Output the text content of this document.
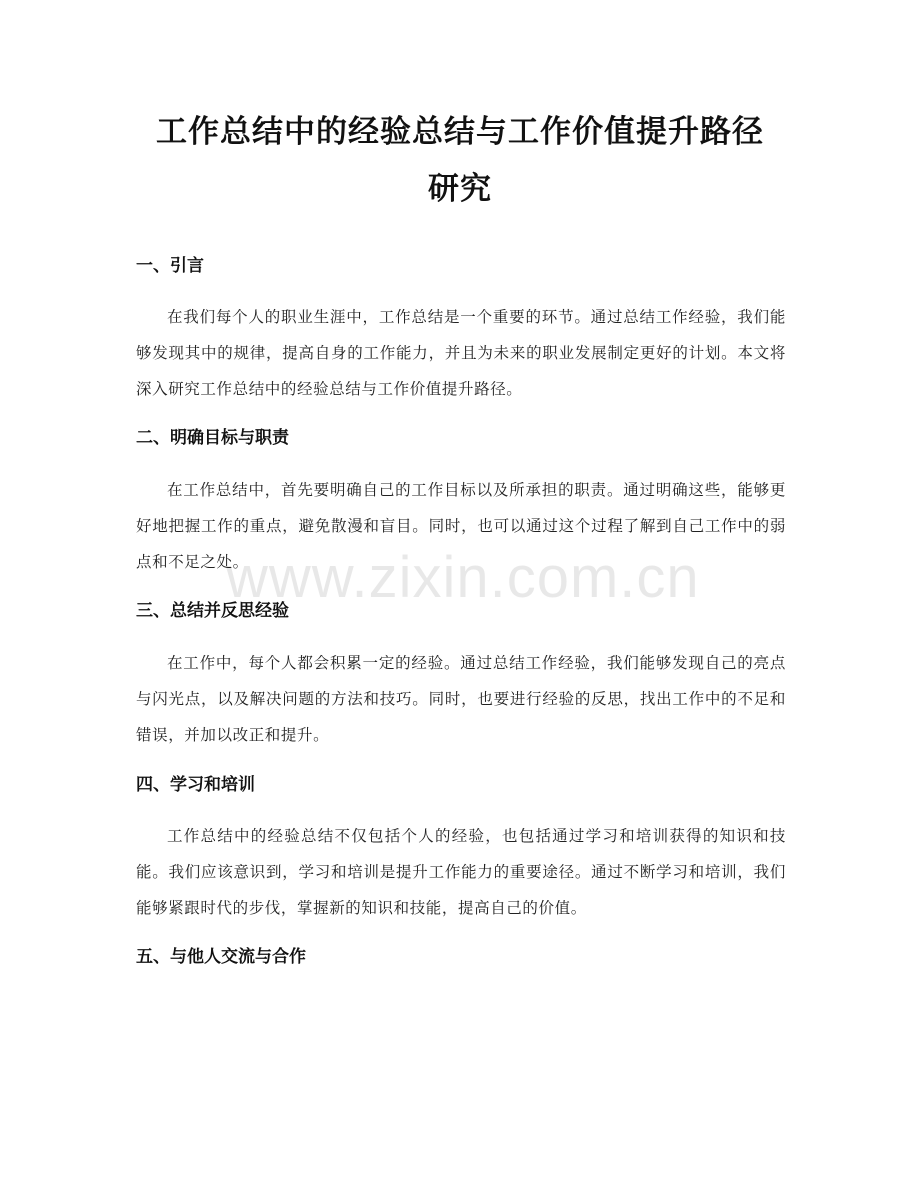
工作总结中的经验总结与工作价值提升路径
研究
一、引言
在我们每个人的职业生涯中，工作总结是一个重要的环节。通过总结工作经验，我们能够发现其中的规律，提高自身的工作能力，并且为未来的职业发展制定更好的计划。本文将深入研究工作总结中的经验总结与工作价值提升路径。
二、明确目标与职责
在工作总结中，首先要明确自己的工作目标以及所承担的职责。通过明确这些，能够更好地把握工作的重点，避免散漫和盲目。同时，也可以通过这个过程了解到自己工作中的弱点和不足之处。
三、总结并反思经验
在工作中，每个人都会积累一定的经验。通过总结工作经验，我们能够发现自己的亮点与闪光点，以及解决问题的方法和技巧。同时，也要进行经验的反思，找出工作中的不足和错误，并加以改正和提升。
四、学习和培训
工作总结中的经验总结不仅包括个人的经验，也包括通过学习和培训获得的知识和技能。我们应该意识到，学习和培训是提升工作能力的重要途径。通过不断学习和培训，我们能够紧跟时代的步伐，掌握新的知识和技能，提高自己的价值。
五、与他人交流与合作
www.zixin.com.cn
